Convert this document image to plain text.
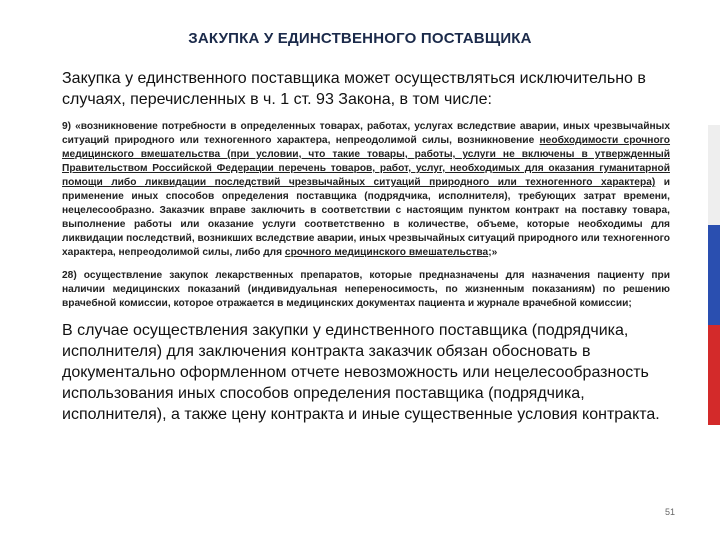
ЗАКУПКА У ЕДИНСТВЕННОГО ПОСТАВЩИКА

Закупка у единственного поставщика может осуществляться исключительно в случаях, перечисленных в ч. 1 ст. 93 Закона, в том числе:

9) «возникновение потребности в определенных товарах, работах, услугах вследствие аварии, иных чрезвычайных ситуаций природного или техногенного характера, непреодолимой силы, возникновение необходимости срочного медицинского вмешательства (при условии, что такие товары, работы, услуги не включены в утвержденный Правительством Российской Федерации перечень товаров, работ, услуг, необходимых для оказания гуманитарной помощи либо ликвидации последствий чрезвычайных ситуаций природного или техногенного характера) и применение иных способов определения поставщика (подрядчика, исполнителя), требующих затрат времени, нецелесообразно. Заказчик вправе заключить в соответствии с настоящим пунктом контракт на поставку товара, выполнение работы или оказание услуги соответственно в количестве, объеме, которые необходимы для ликвидации последствий, возникших вследствие аварии, иных чрезвычайных ситуаций природного или техногенного характера, непреодолимой силы, либо для срочного медицинского вмешательства;»

28) осуществление закупок лекарственных препаратов, которые предназначены для назначения пациенту при наличии медицинских показаний (индивидуальная непереносимость, по жизненным показаниям) по решению врачебной комиссии, которое отражается в медицинских документах пациента и журнале врачебной комиссии;

В случае осуществления закупки у единственного поставщика (подрядчика, исполнителя) для заключения контракта заказчик обязан обосновать в документально оформленном отчете невозможность или нецелесообразность использования иных способов определения поставщика (подрядчика, исполнителя), а также цену контракта и иные существенные условия контракта.

51
